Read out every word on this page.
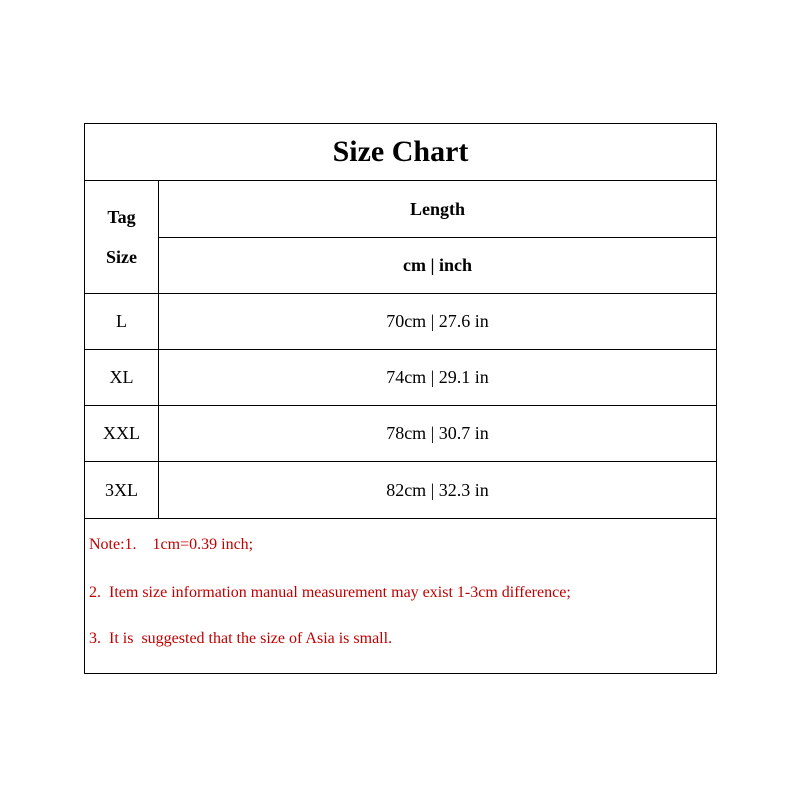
Size Chart
Tag
Size
Length
cm | inch
L	70cm | 27.6 in
XL	74cm | 29.1 in
XXL	78cm | 30.7 in
3XL	82cm | 32.3 in
Note:1.    1cm=0.39 inch;
2.  Item size information manual measurement may exist 1-3cm difference;
3.  It is  suggested that the size of Asia is small.
